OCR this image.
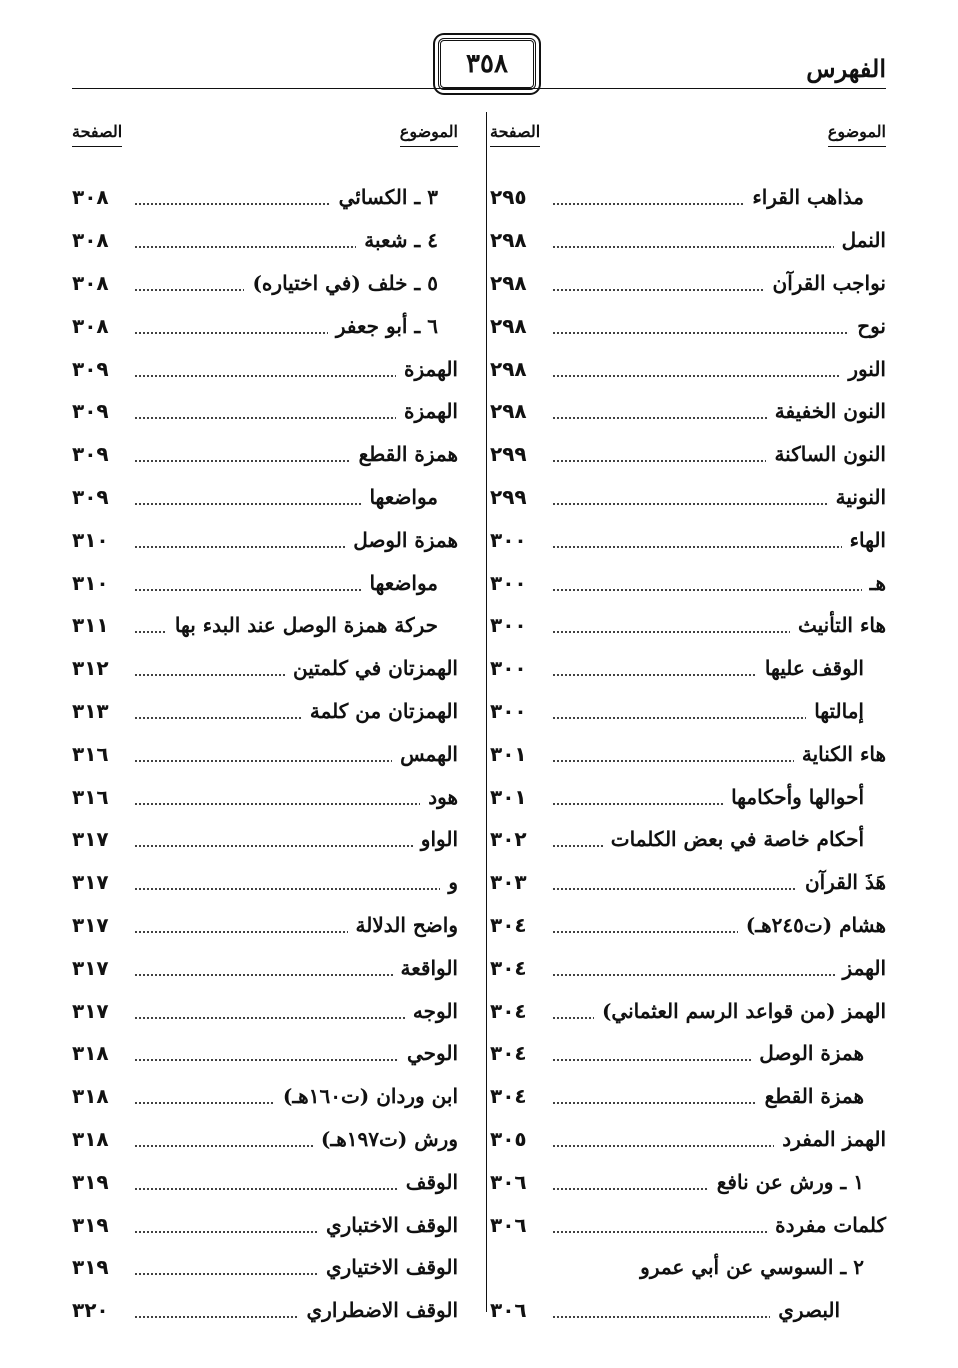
الفهرس
٣٥٨
الموضوع
الصفحة
مذاهب القراء
٢٩٥
النمل
٢٩٨
نواجب القرآن
٢٩٨
نوح
٢٩٨
النور
٢٩٨
النون الخفيفة
٢٩٨
النون الساكنة
٢٩٩
النونية
٢٩٩
الهاء
٣٠٠
هـ
٣٠٠
هاء التأنيث
٣٠٠
الوقف عليها
٣٠٠
إمالتها
٣٠٠
هاء الكناية
٣٠١
أحوالها وأحكامها
٣٠١
أحكام خاصة في بعض الكلمات
٣٠٢
هَذَ القرآن
٣٠٣
هشام (ت٢٤٥هـ)
٣٠٤
الهمز
٣٠٤
الهمز (من قواعد الرسم العثماني)
٣٠٤
همزة الوصل
٣٠٤
همزة القطع
٣٠٤
الهمز المفرد
٣٠٥
١ ـ ورش عن نافع
٣٠٦
كلمات مفردة
٣٠٦
٢ ـ السوسي عن أبي عمرو
البصري
٣٠٦
الموضوع
الصفحة
٣ ـ الكسائي
٣٠٨
٤ ـ شعبة
٣٠٨
٥ ـ خلف (في اختياره)
٣٠٨
٦ ـ أبو جعفر
٣٠٨
الهمزة
٣٠٩
الهمزة
٣٠٩
همزة القطع
٣٠٩
مواضعها
٣٠٩
همزة الوصل
٣١٠
مواضعها
٣١٠
حركة همزة الوصل عند البدء بها
٣١١
الهمزتان في كلمتين
٣١٢
الهمزتان من كلمة
٣١٣
الهمس
٣١٦
هود
٣١٦
الواو
٣١٧
و
٣١٧
واضح الدلالة
٣١٧
الواقعة
٣١٧
الوجه
٣١٧
الوحي
٣١٨
ابن وردان (ت١٦٠هـ)
٣١٨
ورش (ت١٩٧هـ)
٣١٨
الوقف
٣١٩
الوقف الاختباري
٣١٩
الوقف الاختياري
٣١٩
الوقف الاضطراري
٣٢٠
